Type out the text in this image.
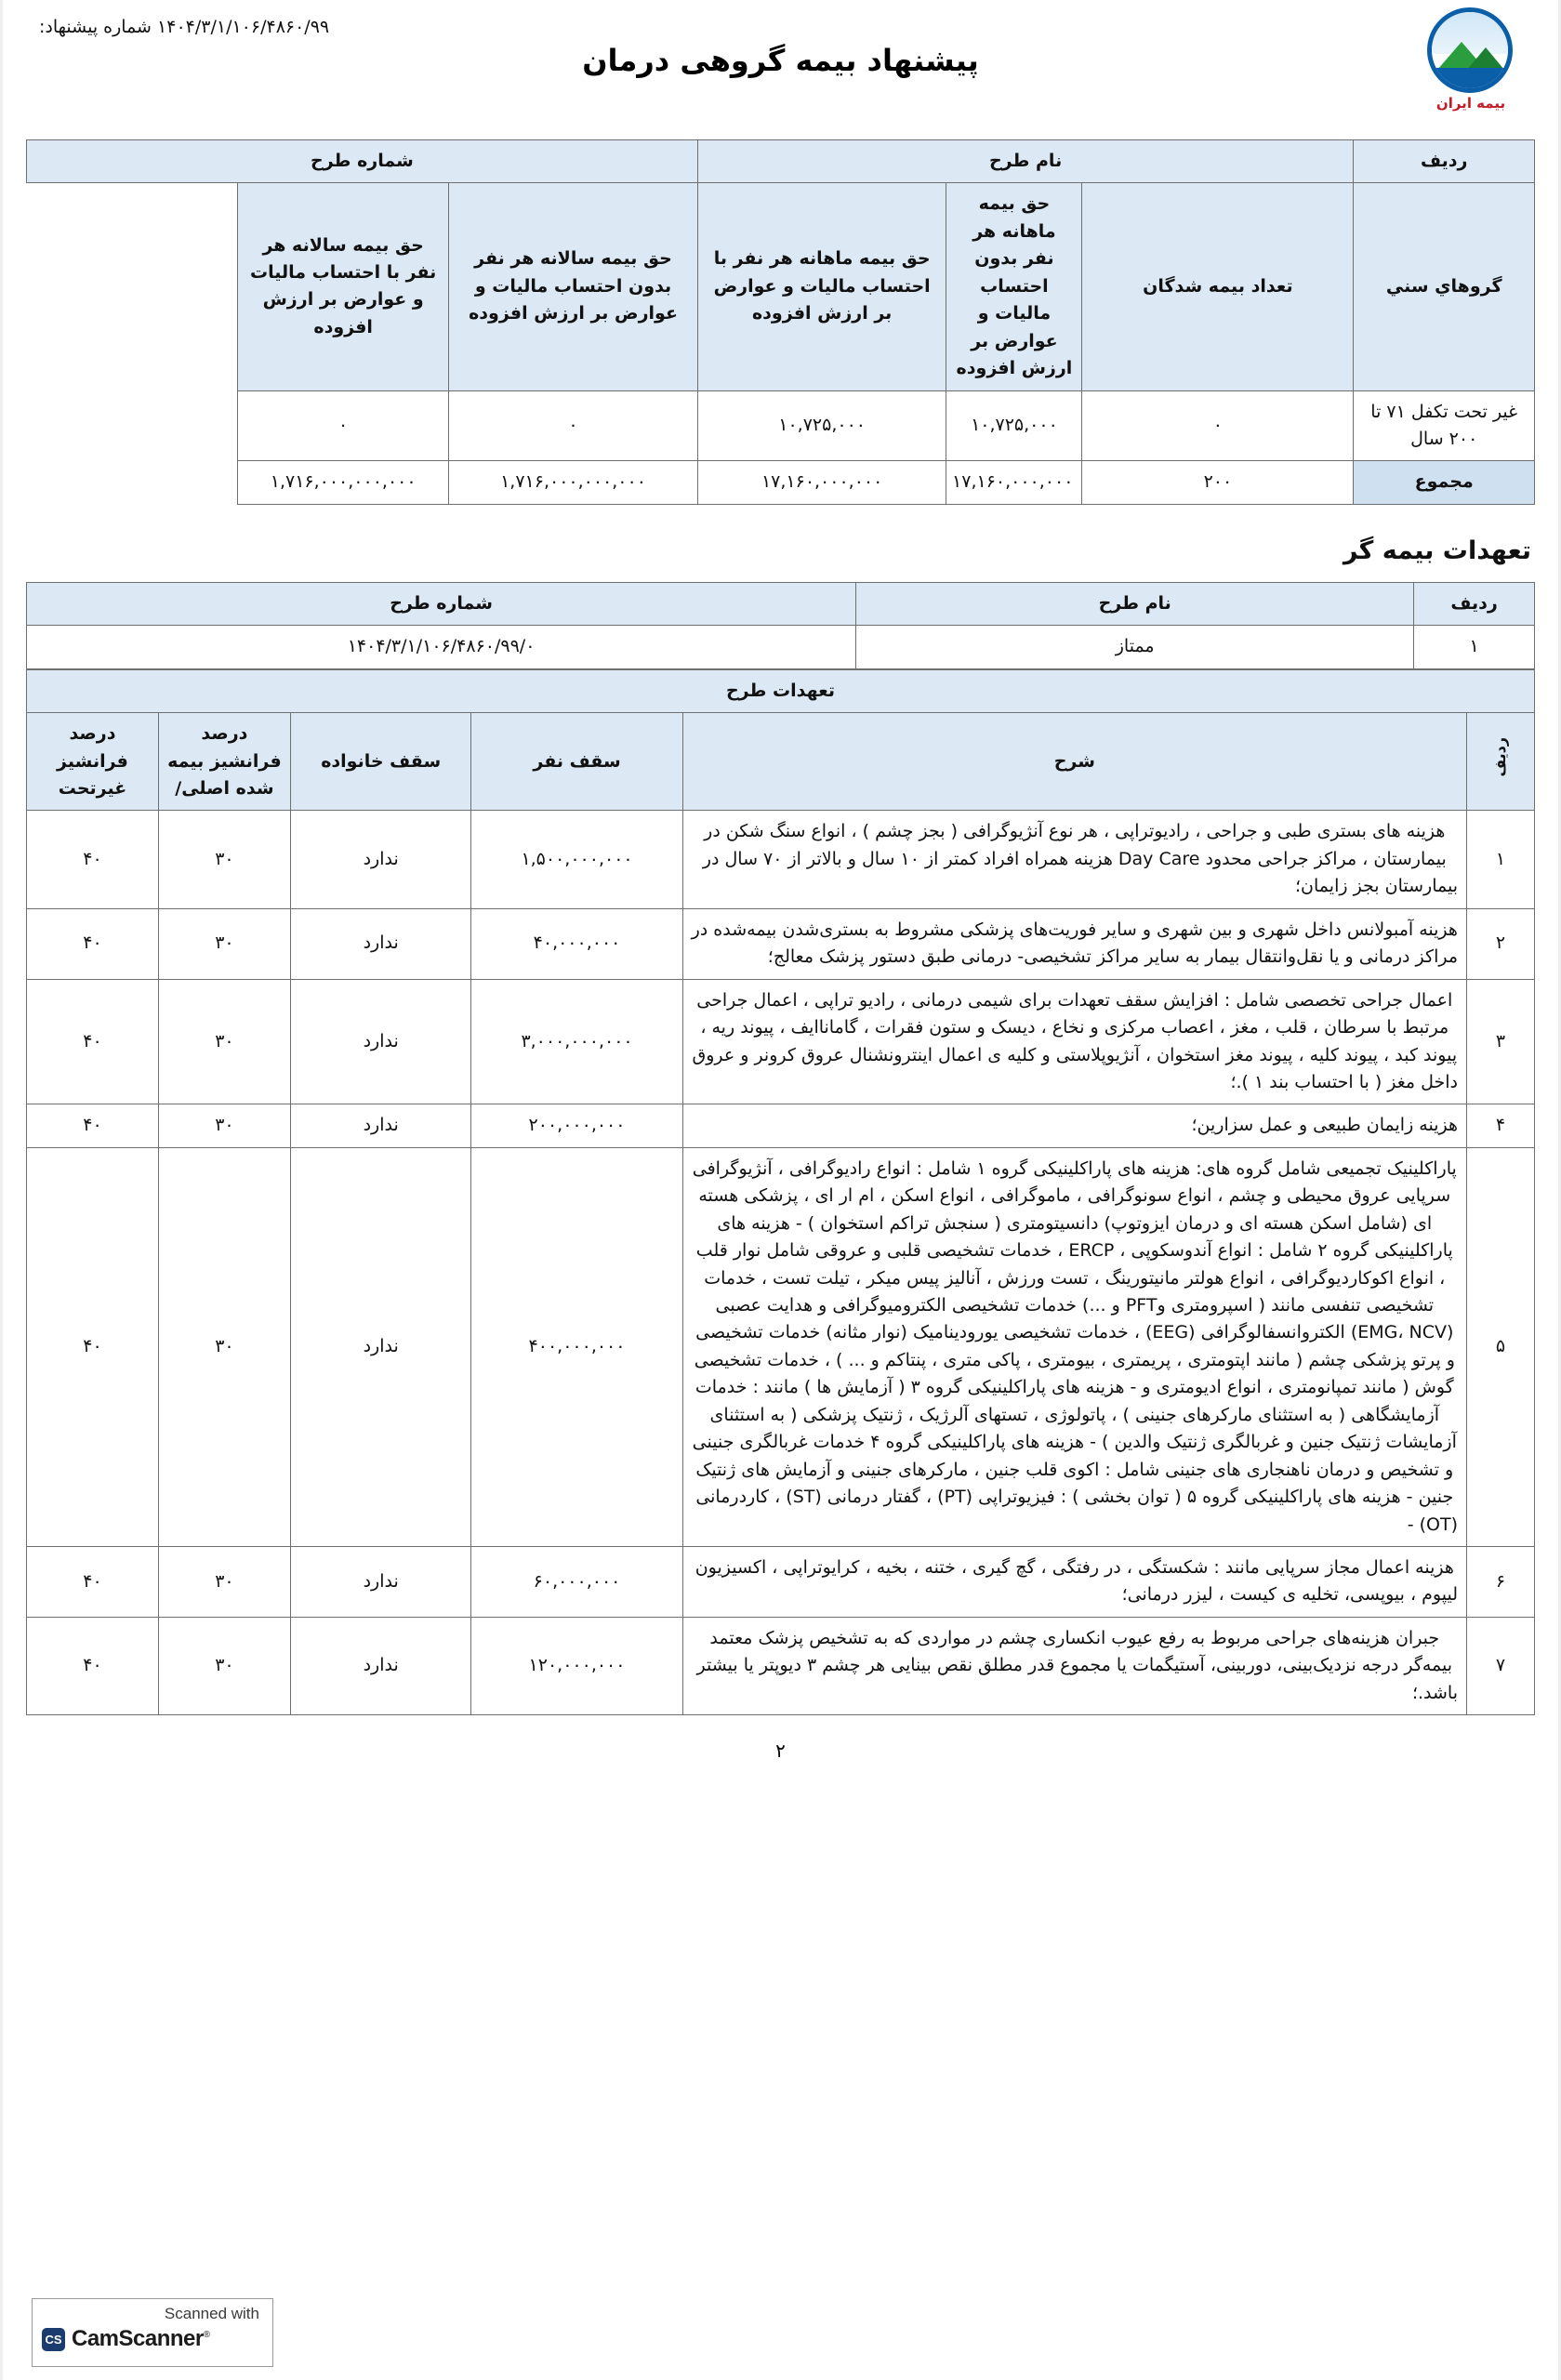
بیمه ایران
پیشنهاد بیمه گروهی درمان
۱۴۰۴/۳/۱/۱۰۶/۴۸۶۰/۹۹ شماره پیشنهاد:
ردیف	نام طرح			شماره طرح	
گروهاي سني	تعداد بیمه شدگان	حق بیمه ماهانه هر نفر بدون احتساب مالیات و عوارض بر ارزش افزوده	حق بیمه ماهانه هر نفر با احتساب مالیات و عوارض بر ارزش افزوده	حق بیمه سالانه هر نفر بدون احتساب مالیات و عوارض بر ارزش افزوده	حق بیمه سالانه هر نفر با احتساب مالیات و عوارض بر ارزش افزوده
غیر تحت تکفل ۷۱ تا ۲۰۰ سال	۰	۱۰,۷۲۵,۰۰۰	۱۰,۷۲۵,۰۰۰	۰	۰
مجموع	۲۰۰	۱۷,۱۶۰,۰۰۰,۰۰۰	۱۷,۱۶۰,۰۰۰,۰۰۰	۱,۷۱۶,۰۰۰,۰۰۰,۰۰۰	۱,۷۱۶,۰۰۰,۰۰۰,۰۰۰
تعهدات بیمه گر
ردیف	نام طرح	شماره طرح
۱	ممتاز	۱۴۰۴/۳/۱/۱۰۶/۴۸۶۰/۹۹/۰
تعهدات طرح					
ردیف	شرح	سقف نفر	سقف خانواده	درصد فرانشیز بیمه شده اصلی/	درصد فرانشیز غیرتحت
۱	هزینه های بستری طبی و جراحی ، رادیوتراپی ، هر نوع آنژیوگرافی ( بجز چشم ) ، انواع سنگ شکن در بیمارستان ، مراکز جراحی محدود Day Care هزینه همراه افراد کمتر از ۱۰ سال و بالاتر از ۷۰ سال در بیمارستان بجز زایمان؛	۱,۵۰۰,۰۰۰,۰۰۰	ندارد	۳۰	۴۰
۲	هزینه آمبولانس داخل شهری و بین شهری و سایر فوریت‌های پزشکی مشروط به بستری‌شدن بیمه‌شده در مراکز درمانی و یا نقل‌وانتقال بیمار به سایر مراکز تشخیصی- درمانی طبق دستور پزشک معالج؛	۴۰,۰۰۰,۰۰۰	ندارد	۳۰	۴۰
۳	اعمال جراحی تخصصی شامل : افزایش سقف تعهدات برای شیمی درمانی ، رادیو تراپی ، اعمال جراحی مرتبط با سرطان ، قلب ، مغز ، اعصاب مرکزی و نخاع ، دیسک و ستون فقرات ، گاماناایف ، پیوند ریه ، پیوند کبد ، پیوند کلیه ، پیوند مغز استخوان ، آنژیوپلاستی و کلیه ی اعمال اینترونشنال عروق کرونر و عروق داخل مغز ( با احتساب بند ۱ ).؛	۳,۰۰۰,۰۰۰,۰۰۰	ندارد	۳۰	۴۰
۴	هزینه زایمان طبیعی و عمل سزارین؛	۲۰۰,۰۰۰,۰۰۰	ندارد	۳۰	۴۰
۵	پاراکلینیک تجمیعی شامل گروه های: هزینه های پاراکلینیکی گروه ۱ شامل : انواع رادیوگرافی ، آنژیوگرافی سرپایی عروق محیطی و چشم ، انواع سونوگرافی ، ماموگرافی ، انواع اسکن ، ام ار ای ، پزشکی هسته ای (شامل اسکن هسته ای و درمان ایزوتوپ) دانسیتومتری ( سنجش تراکم استخوان ) - هزینه های پاراکلینیکی گروه ۲ شامل : انواع آندوسکوپی ، ERCP ، خدمات تشخیصی قلبی و عروقی شامل نوار قلب ، انواع اکوکاردیوگرافی ، انواع هولتر مانیتورینگ ، تست ورزش ، آنالیز پیس میکر ، تیلت تست ، خدمات تشخیصی تنفسی مانند ( اسپرومتری وPFT و ...) خدمات تشخیصی الکترومیوگرافی و هدایت عصبی (EMG، NCV) الکترو‌انسفالوگرافی (EEG) ، خدمات تشخیصی یورودینامیک (نوار مثانه) خدمات تشخیصی و پرتو پزشکی چشم ( مانند اپتومتری ، پریمتری ، بیومتری ، پاکی متری ، پنتاکم و ... ) ، خدمات تشخیصی گوش ( مانند تمپانومتری ، انواع ادیومتری و - هزینه های پاراکلینیکی گروه ۳ ( آزمایش ها ) مانند : خدمات آزمایشگاهی ( به استثنای مارکرهای جنینی ) ، پاتولوژی ، تستهای آلرژیک ، ژنتیک پزشکی ( به استثنای آزمایشات ژنتیک جنین و غربالگری ژنتیک والدین ) - هزینه های پاراکلینیکی گروه ۴ خدمات غربالگری جنینی و تشخیص و درمان ناهنجاری های جنینی شامل : اکوی قلب جنین ، مارکرهای جنینی و آزمایش های ژنتیک جنین - هزینه های پاراکلینیکی گروه ۵ ( توان بخشی ) : فیزیوتراپی (PT) ، گفتار درمانی (ST) ، کاردرمانی (OT) -	۴۰۰,۰۰۰,۰۰۰	ندارد	۳۰	۴۰
۶	هزینه اعمال مجاز سرپایی مانند : شکستگی ، در رفتگی ، گچ گیری ، ختنه ، بخیه ، کرایوتراپی ، اکسیزیون لیپوم ، بیوپسی، تخلیه ی کیست ، لیزر درمانی؛	۶۰,۰۰۰,۰۰۰	ندارد	۳۰	۴۰
۷	جبران هزینه‌های جراحی مربوط به رفع عیوب انکساری چشم در مواردی که به تشخیص پزشک معتمد بیمه‌گر درجه نزدیک‌بینی، دوربینی، آستیگمات یا مجموع قدر مطلق نقص بینایی هر چشم ۳ دیوپتر یا بیشتر باشد.؛	۱۲۰,۰۰۰,۰۰۰	ندارد	۳۰	۴۰
۲
Scanned with
CS CamScanner®
